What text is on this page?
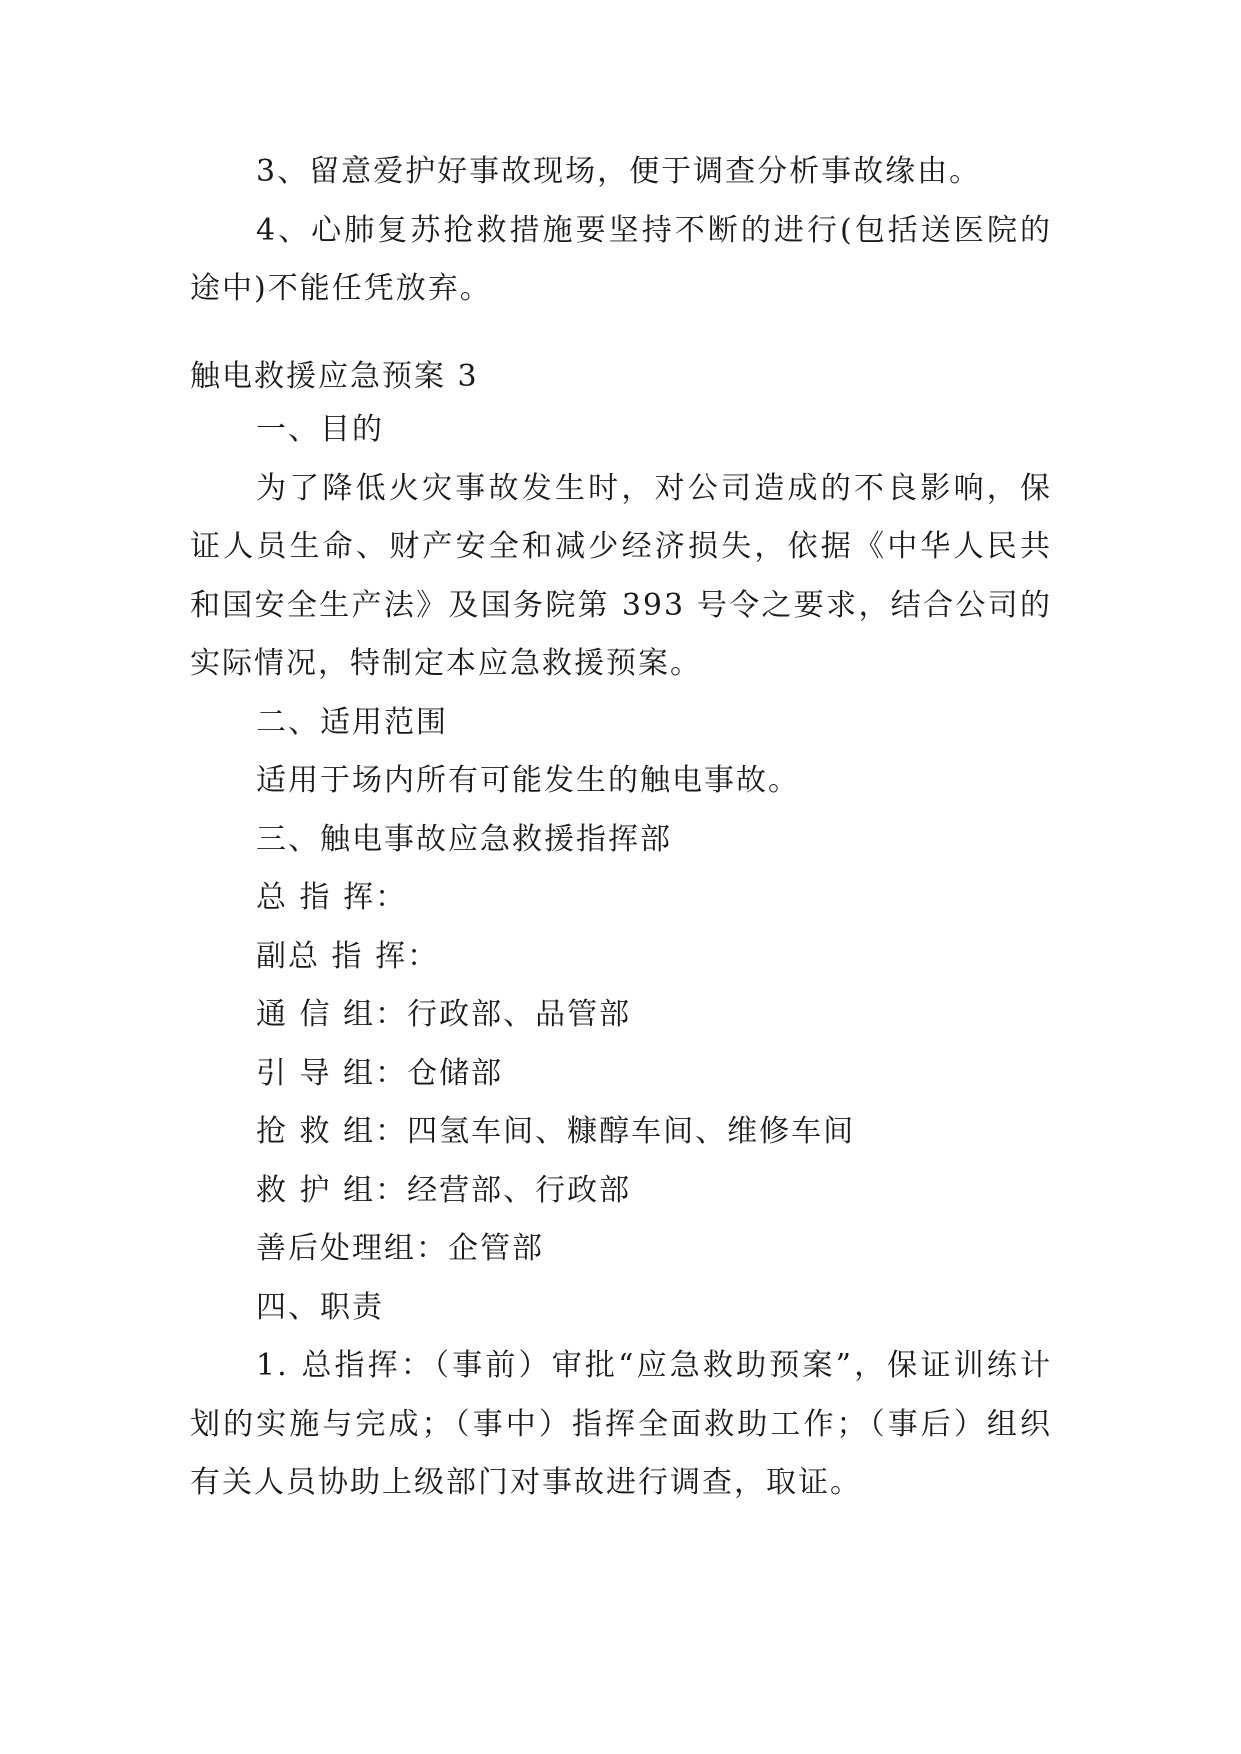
3、留意爱护好事故现场，便于调查分析事故缘由。

4、心肺复苏抢救措施要坚持不断的进行(包括送医院的途中)不能任凭放弃。

触电救援应急预案 3

一、目的

为了降低火灾事故发生时，对公司造成的不良影响，保证人员生命、财产安全和减少经济损失，依据《中华人民共和国安全生产法》及国务院第 393 号令之要求，结合公司的实际情况，特制定本应急救援预案。

二、适用范围

适用于场内所有可能发生的触电事故。

三、触电事故应急救援指挥部

总 指 挥：

副总 指 挥：

通 信 组：行政部、品管部

引 导 组：仓储部

抢 救 组：四氢车间、糠醇车间、维修车间

救 护 组：经营部、行政部

善后处理组：企管部

四、职责

1. 总指挥：（事前）审批“应急救助预案”，保证训练计划的实施与完成；（事中）指挥全面救助工作；（事后）组织有关人员协助上级部门对事故进行调查，取证。
